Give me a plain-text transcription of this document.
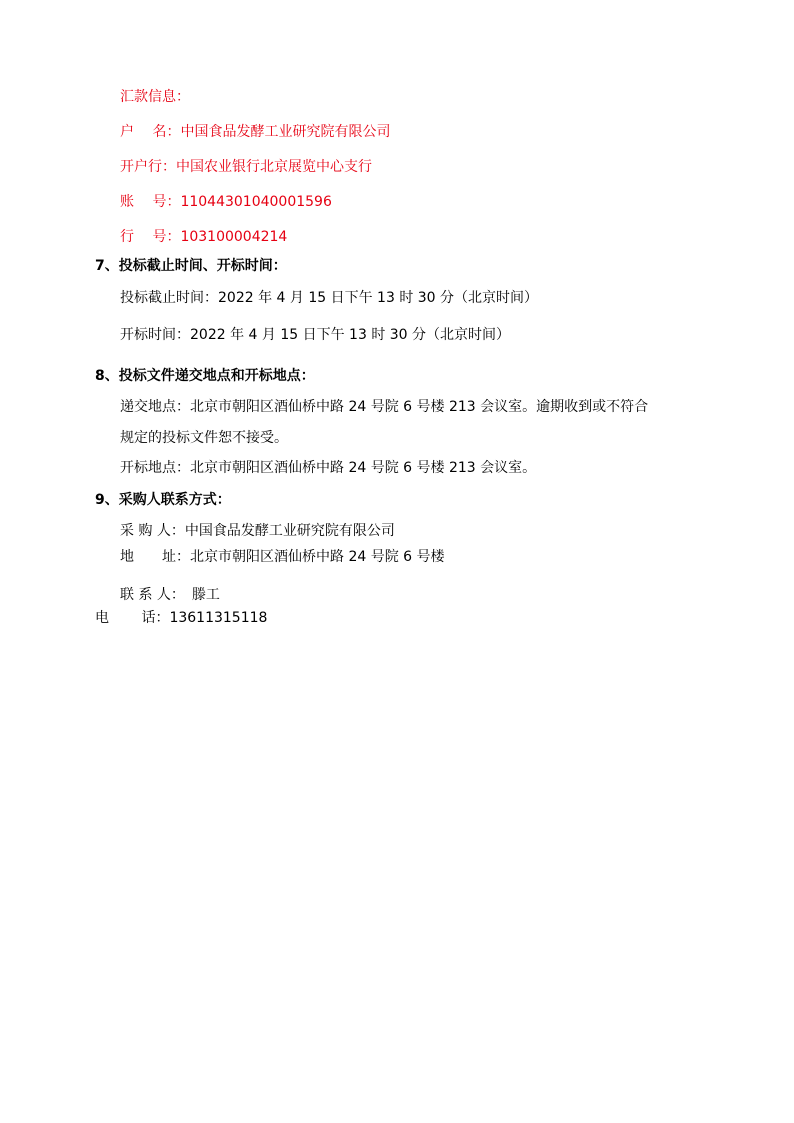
汇款信息：
户　 名：中国食品发酵工业研究院有限公司
开户行：中国农业银行北京展览中心支行
账　 号：11044301040001596
行　 号：103100004214
7、投标截止时间、开标时间：
投标截止时间：2022 年 4 月 15 日下午 13 时 30 分（北京时间）
开标时间：2022 年 4 月 15 日下午 13 时 30 分（北京时间）
8、投标文件递交地点和开标地点：
递交地点：北京市朝阳区酒仙桥中路 24 号院 6 号楼 213 会议室。逾期收到或不符合
规定的投标文件恕不接受。
开标地点：北京市朝阳区酒仙桥中路 24 号院 6 号楼 213 会议室。
9、采购人联系方式：
采 购 人：中国食品发酵工业研究院有限公司
地　　址：北京市朝阳区酒仙桥中路 24 号院 6 号楼
联 系 人：　滕工
电　　 话：13611315118
